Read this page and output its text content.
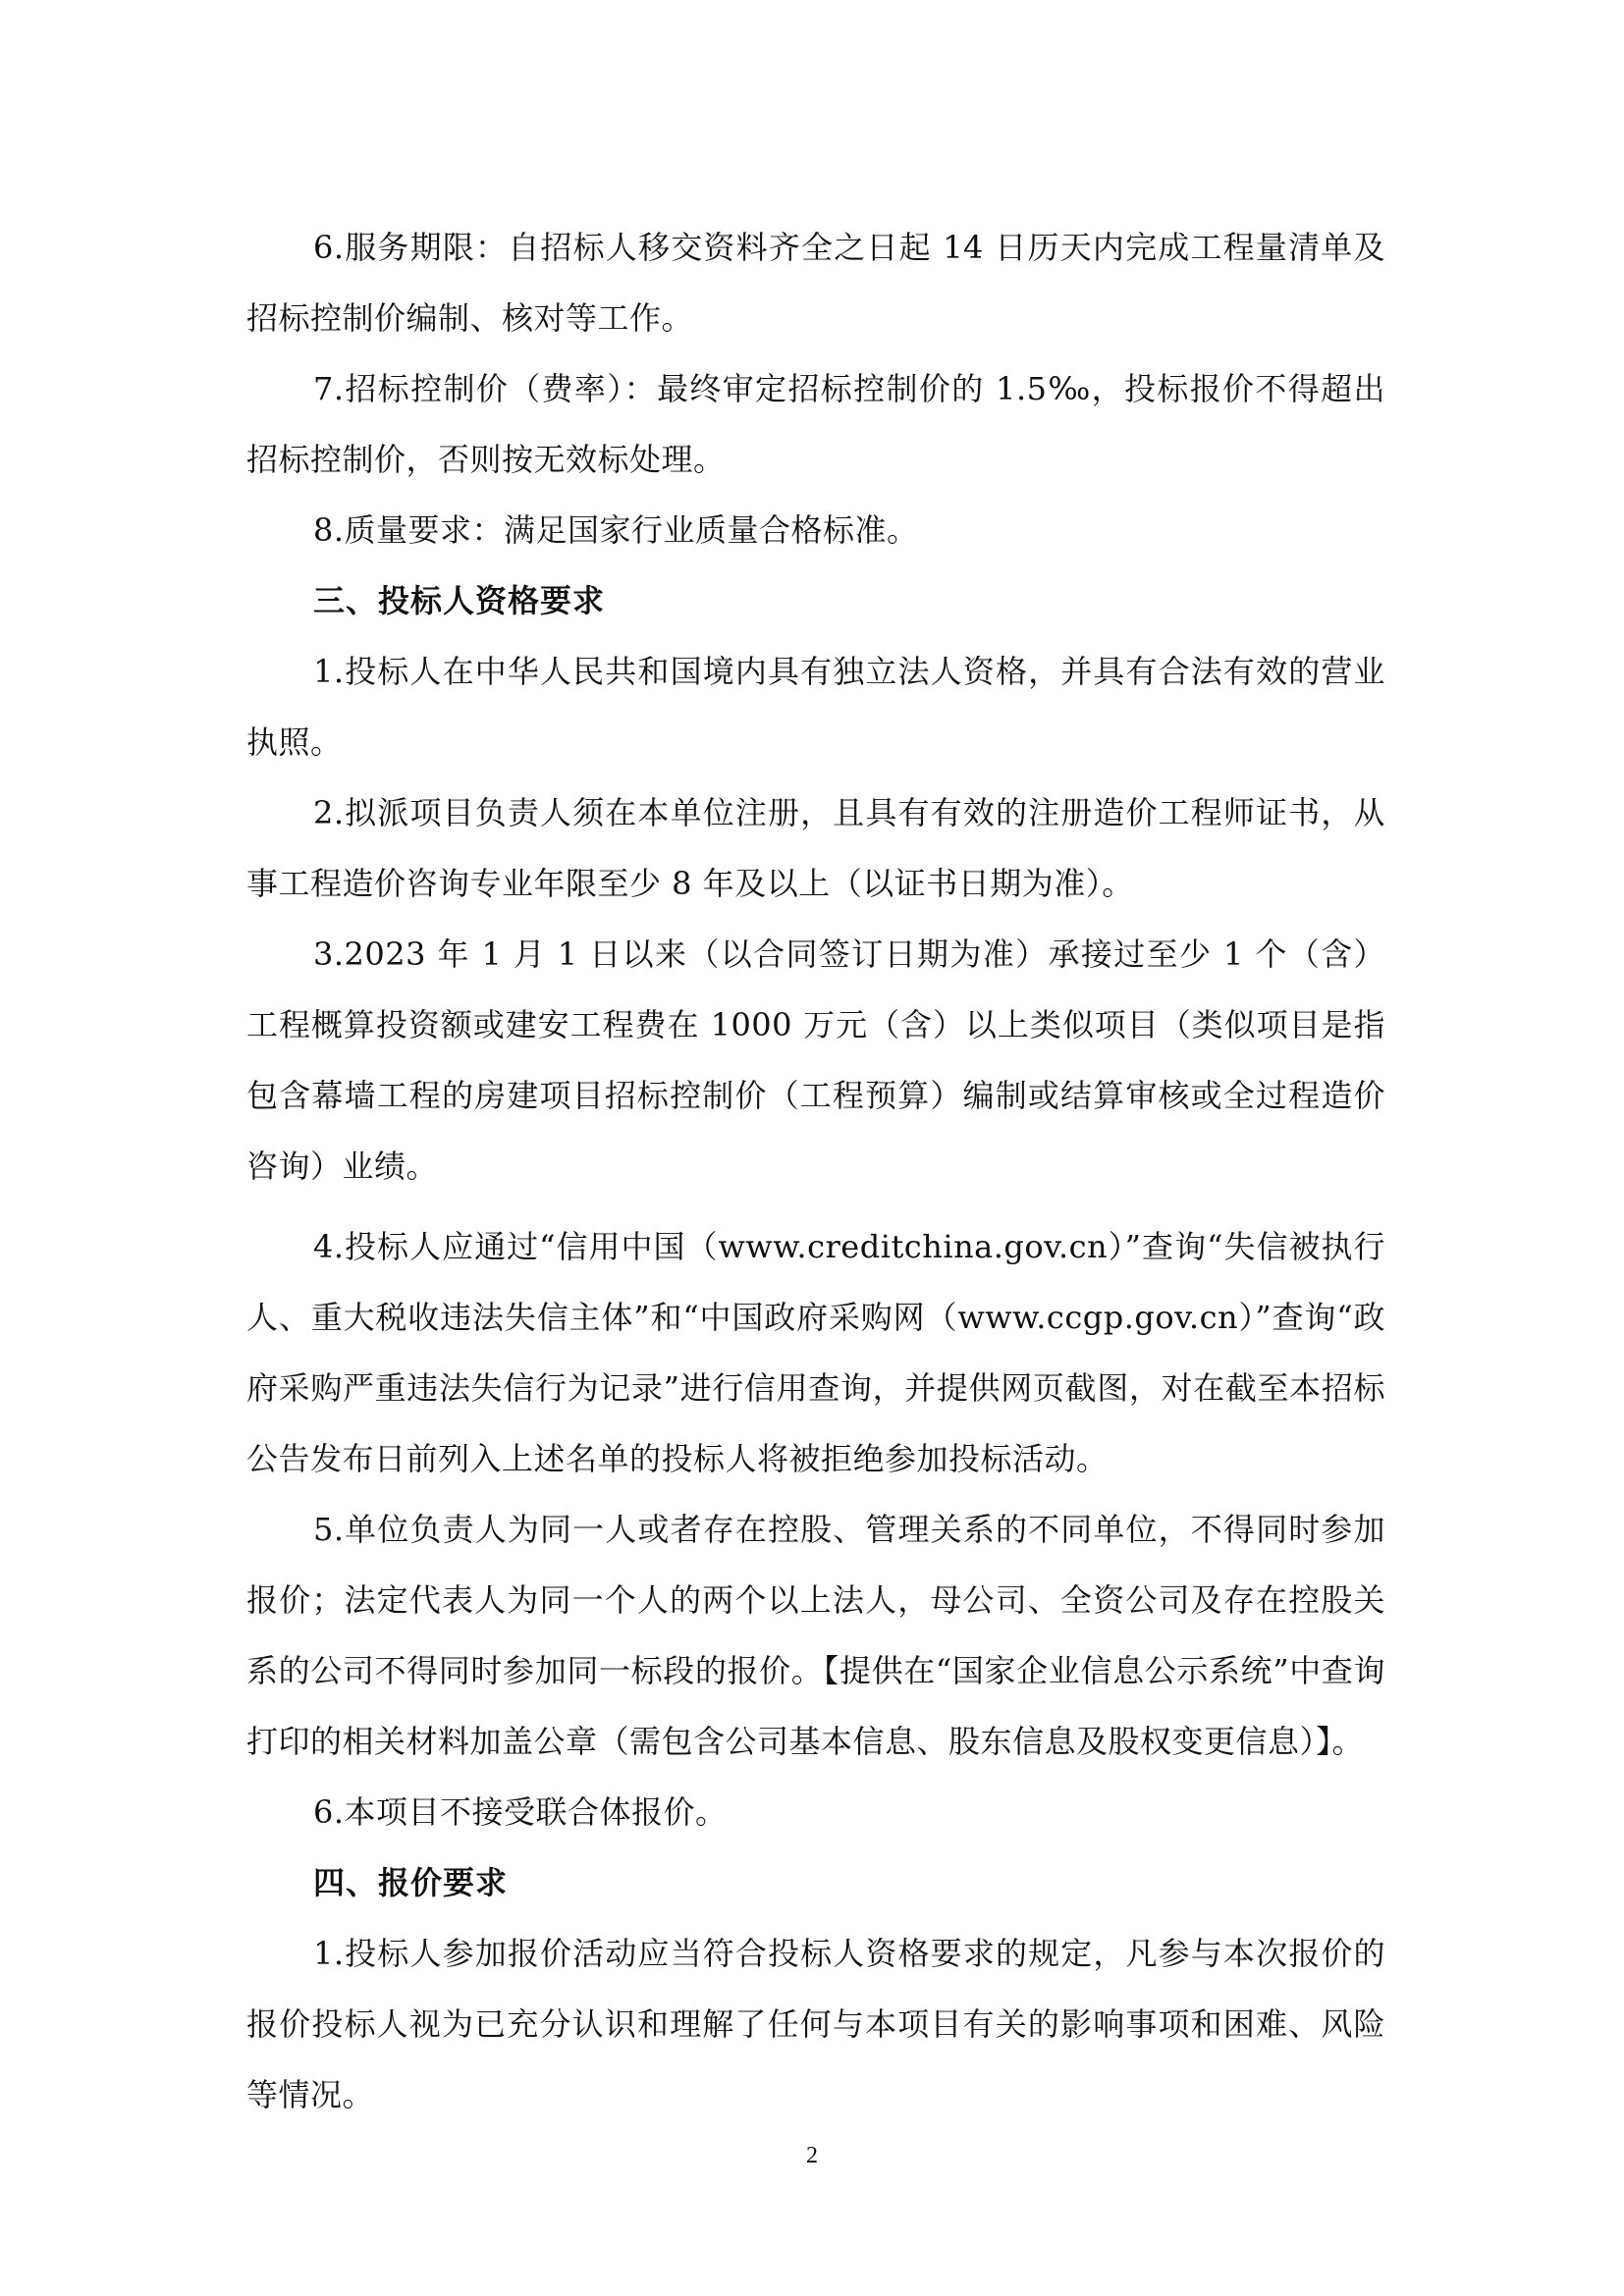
6.服务期限：自招标人移交资料齐全之日起 14 日历天内完成工程量清单及招标控制价编制、核对等工作。

7.招标控制价（费率）：最终审定招标控制价的 1.5‰，投标报价不得超出招标控制价，否则按无效标处理。

8.质量要求：满足国家行业质量合格标准。

三、投标人资格要求

1.投标人在中华人民共和国境内具有独立法人资格，并具有合法有效的营业执照。

2.拟派项目负责人须在本单位注册，且具有有效的注册造价工程师证书，从事工程造价咨询专业年限至少 8 年及以上（以证书日期为准）。

3.2023 年 1 月 1 日以来（以合同签订日期为准）承接过至少 1 个（含）工程概算投资额或建安工程费在 1000 万元（含）以上类似项目（类似项目是指包含幕墙工程的房建项目招标控制价（工程预算）编制或结算审核或全过程造价咨询）业绩。

4.投标人应通过“信用中国（www.creditchina.gov.cn）”查询“失信被执行人、重大税收违法失信主体”和“中国政府采购网（www.ccgp.gov.cn）”查询“政府采购严重违法失信行为记录”进行信用查询，并提供网页截图，对在截至本招标公告发布日前列入上述名单的投标人将被拒绝参加投标活动。

5.单位负责人为同一人或者存在控股、管理关系的不同单位，不得同时参加报价；法定代表人为同一个人的两个以上法人，母公司、全资公司及存在控股关系的公司不得同时参加同一标段的报价。【提供在“国家企业信息公示系统”中查询打印的相关材料加盖公章（需包含公司基本信息、股东信息及股权变更信息）】。

6.本项目不接受联合体报价。

四、报价要求

1.投标人参加报价活动应当符合投标人资格要求的规定，凡参与本次报价的报价投标人视为已充分认识和理解了任何与本项目有关的影响事项和困难、风险等情况。

2
